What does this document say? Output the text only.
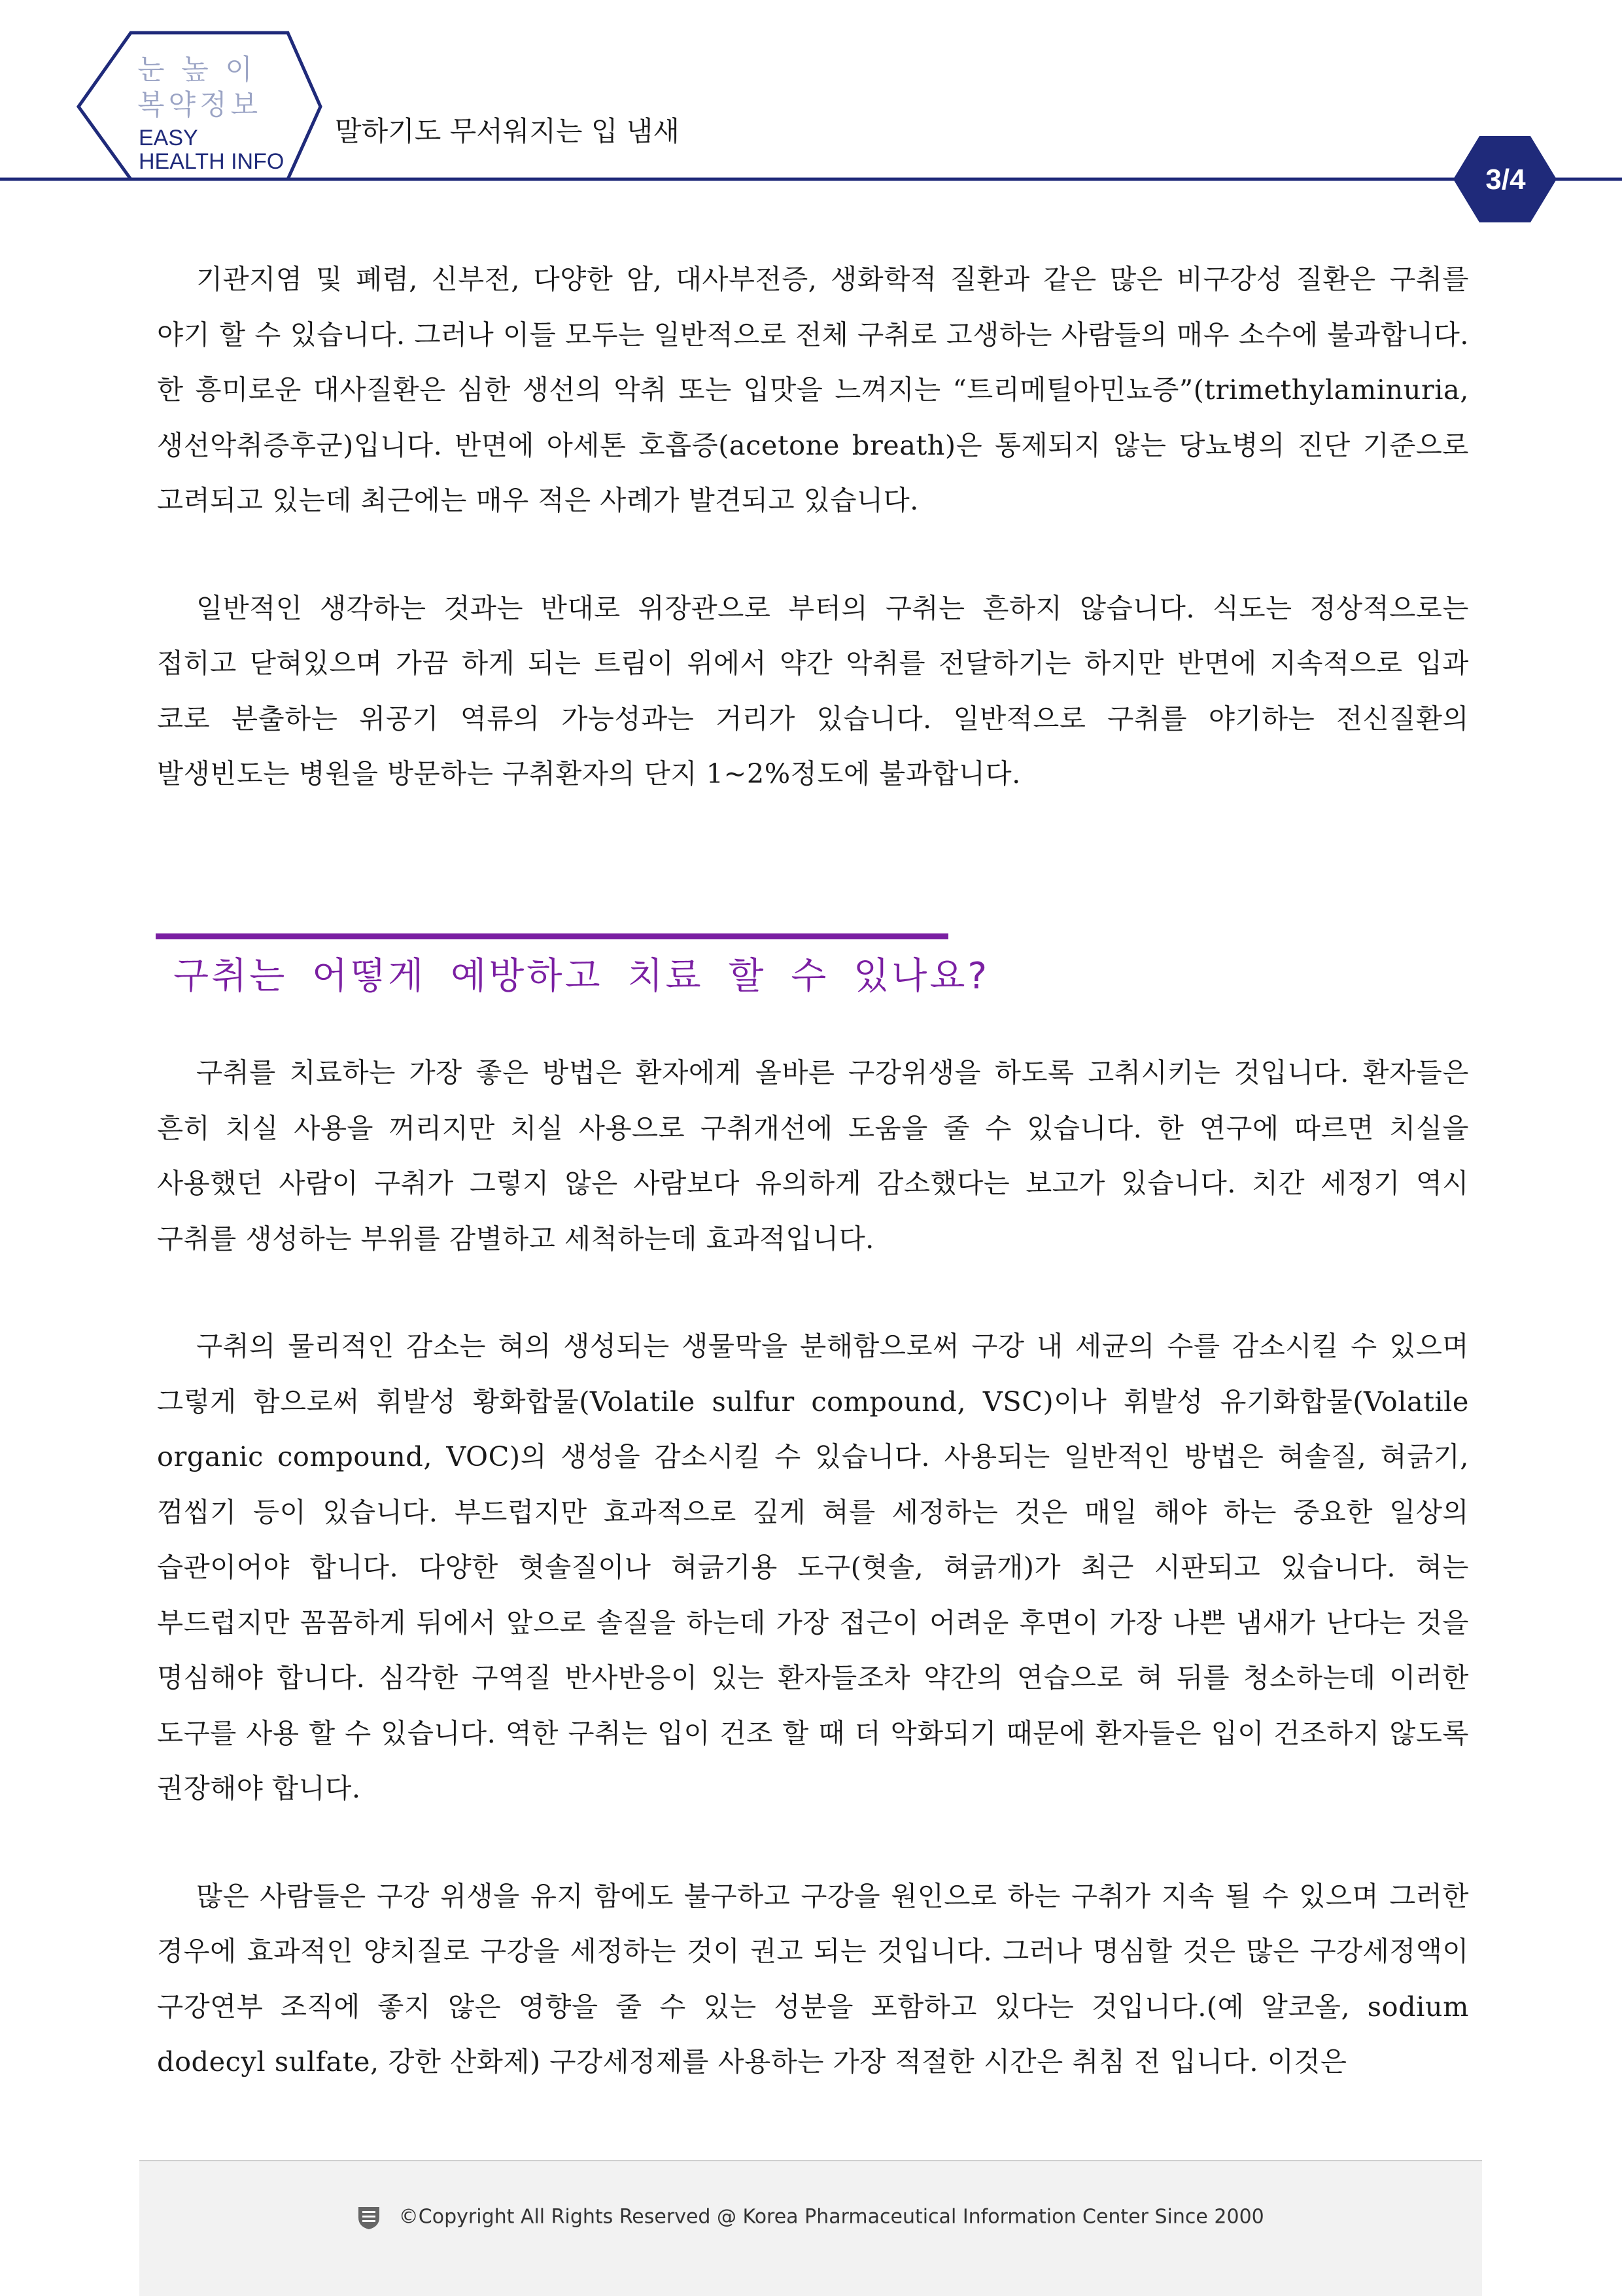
눈 높 이
복약정보
EASY
HEALTH INFO
말하기도 무서워지는 입 냄새
3/4

기관지염 및 폐렴, 신부전, 다양한 암, 대사부전증, 생화학적 질환과 같은 많은 비구강성 질환은 구취를 야기 할 수 있습니다. 그러나 이들 모두는 일반적으로 전체 구취로 고생하는 사람들의 매우 소수에 불과합니다. 한 흥미로운 대사질환은 심한 생선의 악취 또는 입맛을 느껴지는 “트리메틸아민뇨증”(trimethylaminuria, 생선악취증후군)입니다. 반면에 아세톤 호흡증(acetone breath)은 통제되지 않는 당뇨병의 진단 기준으로 고려되고 있는데 최근에는 매우 적은 사례가 발견되고 있습니다.

일반적인 생각하는 것과는 반대로 위장관으로 부터의 구취는 흔하지 않습니다. 식도는 정상적으로는 접히고 닫혀있으며 가끔 하게 되는 트림이 위에서 약간 악취를 전달하기는 하지만 반면에 지속적으로 입과 코로 분출하는 위공기 역류의 가능성과는 거리가 있습니다. 일반적으로 구취를 야기하는 전신질환의 발생빈도는 병원을 방문하는 구취환자의 단지 1~2%정도에 불과합니다.

구취는 어떻게 예방하고 치료 할 수 있나요?

구취를 치료하는 가장 좋은 방법은 환자에게 올바른 구강위생을 하도록 고취시키는 것입니다. 환자들은 흔히 치실 사용을 꺼리지만 치실 사용으로 구취개선에 도움을 줄 수 있습니다. 한 연구에 따르면 치실을 사용했던 사람이 구취가 그렇지 않은 사람보다 유의하게 감소했다는 보고가 있습니다. 치간 세정기 역시 구취를 생성하는 부위를 감별하고 세척하는데 효과적입니다.

구취의 물리적인 감소는 혀의 생성되는 생물막을 분해함으로써 구강 내 세균의 수를 감소시킬 수 있으며 그렇게 함으로써 휘발성 황화합물(Volatile sulfur compound, VSC)이나 휘발성 유기화합물(Volatile organic compound, VOC)의 생성을 감소시킬 수 있습니다. 사용되는 일반적인 방법은 혀솔질, 혀긁기, 껌씹기 등이 있습니다. 부드럽지만 효과적으로 깊게 혀를 세정하는 것은 매일 해야 하는 중요한 일상의 습관이어야 합니다. 다양한 혓솔질이나 혀긁기용 도구(혓솔, 혀긁개)가 최근 시판되고 있습니다. 혀는 부드럽지만 꼼꼼하게 뒤에서 앞으로 솔질을 하는데 가장 접근이 어려운 후면이 가장 나쁜 냄새가 난다는 것을 명심해야 합니다. 심각한 구역질 반사반응이 있는 환자들조차 약간의 연습으로 혀 뒤를 청소하는데 이러한 도구를 사용 할 수 있습니다. 역한 구취는 입이 건조 할 때 더 악화되기 때문에 환자들은 입이 건조하지 않도록 권장해야 합니다.

많은 사람들은 구강 위생을 유지 함에도 불구하고 구강을 원인으로 하는 구취가 지속 될 수 있으며 그러한 경우에 효과적인 양치질로 구강을 세정하는 것이 권고 되는 것입니다. 그러나 명심할 것은 많은 구강세정액이 구강연부 조직에 좋지 않은 영향을 줄 수 있는 성분을 포함하고 있다는 것입니다.(예 알코올, sodium dodecyl sulfate, 강한 산화제) 구강세정제를 사용하는 가장 적절한 시간은 취침 전 입니다. 이것은

©Copyright All Rights Reserved @ Korea Pharmaceutical Information Center Since 2000
